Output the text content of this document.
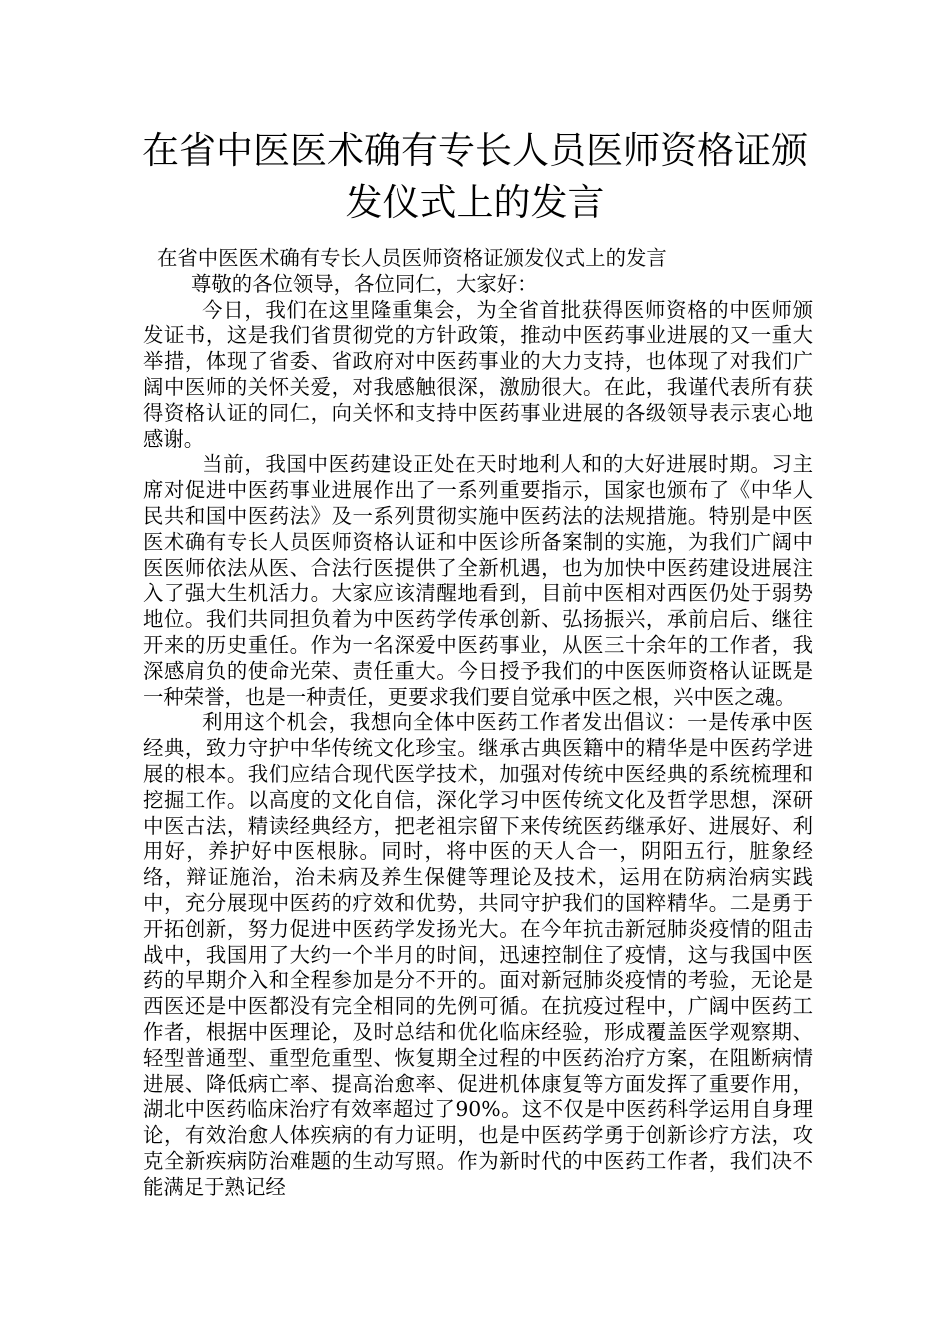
在省中医医术确有专长人员医师资格证颁
发仪式上的发言

在省中医医术确有专长人员医师资格证颁发仪式上的发言

尊敬的各位领导，各位同仁，大家好：

今日，我们在这里隆重集会，为全省首批获得医师资格的中医师颁发证书，这是我们省贯彻党的方针政策，推动中医药事业进展的又一重大举措，体现了省委、省政府对中医药事业的大力支持，也体现了对我们广阔中医师的关怀关爱，对我感触很深，激励很大。在此，我谨代表所有获得资格认证的同仁，向关怀和支持中医药事业进展的各级领导表示衷心地感谢。

当前，我国中医药建设正处在天时地利人和的大好进展时期。习主席对促进中医药事业进展作出了一系列重要指示，国家也颁布了《中华人民共和国中医药法》及一系列贯彻实施中医药法的法规措施。特别是中医医术确有专长人员医师资格认证和中医诊所备案制的实施，为我们广阔中医医师依法从医、合法行医提供了全新机遇，也为加快中医药建设进展注入了强大生机活力。大家应该清醒地看到，目前中医相对西医仍处于弱势地位。我们共同担负着为中医药学传承创新、弘扬振兴，承前启后、继往开来的历史重任。作为一名深爱中医药事业，从医三十余年的工作者，我深感肩负的使命光荣、责任重大。今日授予我们的中医医师资格认证既是一种荣誉，也是一种责任，更要求我们要自觉承中医之根，兴中医之魂。

利用这个机会，我想向全体中医药工作者发出倡议：一是传承中医经典，致力守护中华传统文化珍宝。继承古典医籍中的精华是中医药学进展的根本。我们应结合现代医学技术，加强对传统中医经典的系统梳理和挖掘工作。以高度的文化自信，深化学习中医传统文化及哲学思想，深研中医古法，精读经典经方，把老祖宗留下来传统医药继承好、进展好、利用好，养护好中医根脉。同时，将中医的天人合一，阴阳五行，脏象经络，辩证施治，治未病及养生保健等理论及技术，运用在防病治病实践中，充分展现中医药的疗效和优势，共同守护我们的国粹精华。二是勇于开拓创新，努力促进中医药学发扬光大。在今年抗击新冠肺炎疫情的阻击战中，我国用了大约一个半月的时间，迅速控制住了疫情，这与我国中医药的早期介入和全程参加是分不开的。面对新冠肺炎疫情的考验，无论是西医还是中医都没有完全相同的先例可循。在抗疫过程中，广阔中医药工作者，根据中医理论，及时总结和优化临床经验，形成覆盖医学观察期、轻型普通型、重型危重型、恢复期全过程的中医药治疗方案，在阻断病情进展、降低病亡率、提高治愈率、促进机体康复等方面发挥了重要作用，湖北中医药临床治疗有效率超过了90%。这不仅是中医药科学运用自身理论，有效治愈人体疾病的有力证明，也是中医药学勇于创新诊疗方法，攻克全新疾病防治难题的生动写照。作为新时代的中医药工作者，我们决不能满足于熟记经
